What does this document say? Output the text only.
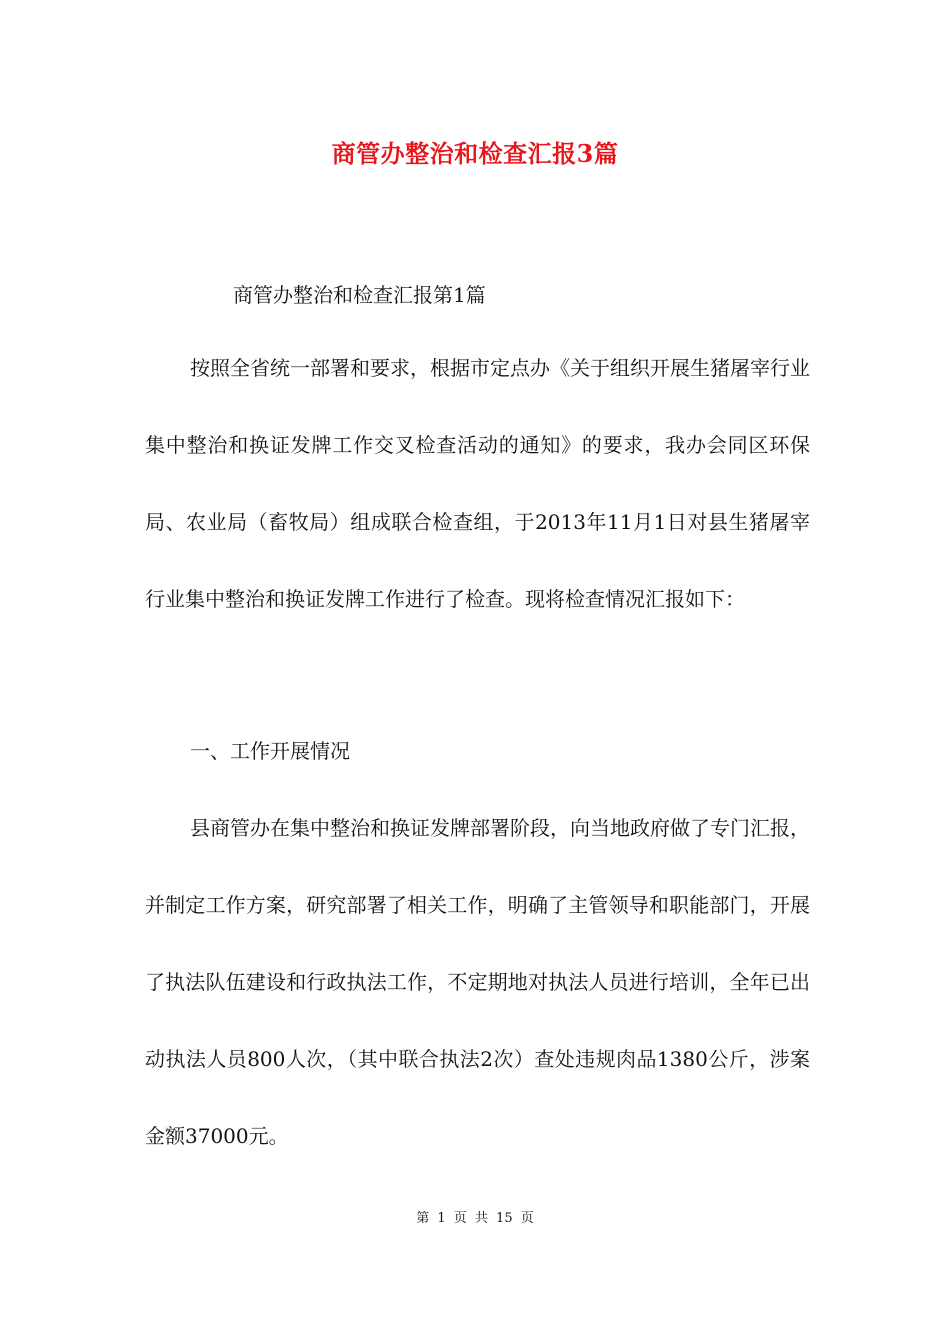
商管办整治和检查汇报3篇
商管办整治和检查汇报第1篇

按照全省统一部署和要求，根据市定点办《关于组织开展生猪屠宰行业集中整治和换证发牌工作交叉检查活动的通知》的要求，我办会同区环保局、农业局（畜牧局）组成联合检查组，于2013年11月1日对县生猪屠宰行业集中整治和换证发牌工作进行了检查。现将检查情况汇报如下：

一、工作开展情况

县商管办在集中整治和换证发牌部署阶段，向当地政府做了专门汇报，并制定工作方案，研究部署了相关工作，明确了主管领导和职能部门，开展了执法队伍建设和行政执法工作，不定期地对执法人员进行培训，全年已出动执法人员800人次，（其中联合执法2次）查处违规肉品1380公斤，涉案金额37000元。

第 1 页 共 15 页
